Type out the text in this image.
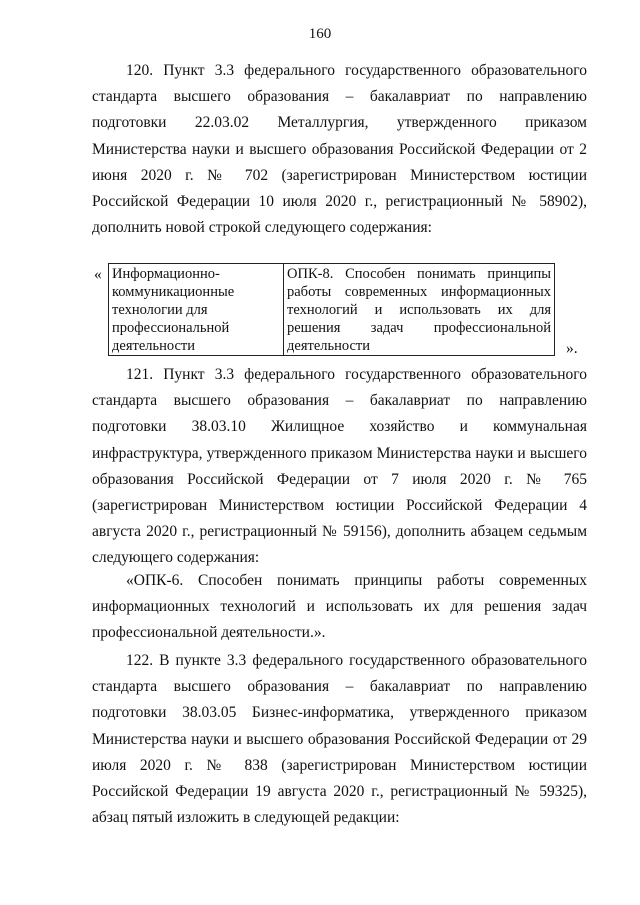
160

120. Пункт 3.3 федерального государственного образовательного стандарта высшего образования – бакалавриат по направлению подготовки 22.03.02 Металлургия, утвержденного приказом Министерства науки и высшего образования Российской Федерации от 2 июня 2020 г. № 702 (зарегистрирован Министерством юстиции Российской Федерации 10 июля 2020 г., регистрационный № 58902), дополнить новой строкой следующего содержания:

« Информационно-коммуникационные технологии для профессиональной деятельности	ОПК-8. Способен понимать принципы работы современных информационных технологий и использовать их для решения задач профессиональной деятельности	».

121. Пункт 3.3 федерального государственного образовательного стандарта высшего образования – бакалавриат по направлению подготовки 38.03.10 Жилищное хозяйство и коммунальная инфраструктура, утвержденного приказом Министерства науки и высшего образования Российской Федерации от 7 июля 2020 г. № 765 (зарегистрирован Министерством юстиции Российской Федерации 4 августа 2020 г., регистрационный № 59156), дополнить абзацем седьмым следующего содержания:

«ОПК-6. Способен понимать принципы работы современных информационных технологий и использовать их для решения задач профессиональной деятельности.».

122. В пункте 3.3 федерального государственного образовательного стандарта высшего образования – бакалавриат по направлению подготовки 38.03.05 Бизнес-информатика, утвержденного приказом Министерства науки и высшего образования Российской Федерации от 29 июля 2020 г. № 838 (зарегистрирован Министерством юстиции Российской Федерации 19 августа 2020 г., регистрационный № 59325), абзац пятый изложить в следующей редакции:
